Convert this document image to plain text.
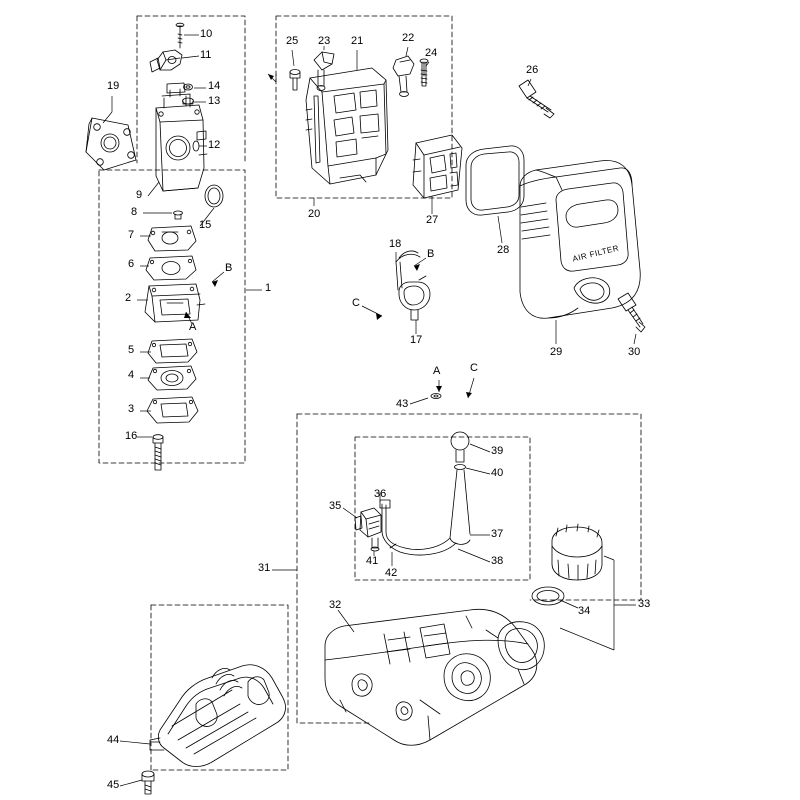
1
2
3
4
5
6
7
8
9
10
11
12
13
14
15
16
17
18
19
20
21	22
23
24
25
26
27
28
29	30
31
32	33
34
35
36
37
38
39
40
41
42
43
44
45
A
B
B
C
A	C
AIR FILTER
